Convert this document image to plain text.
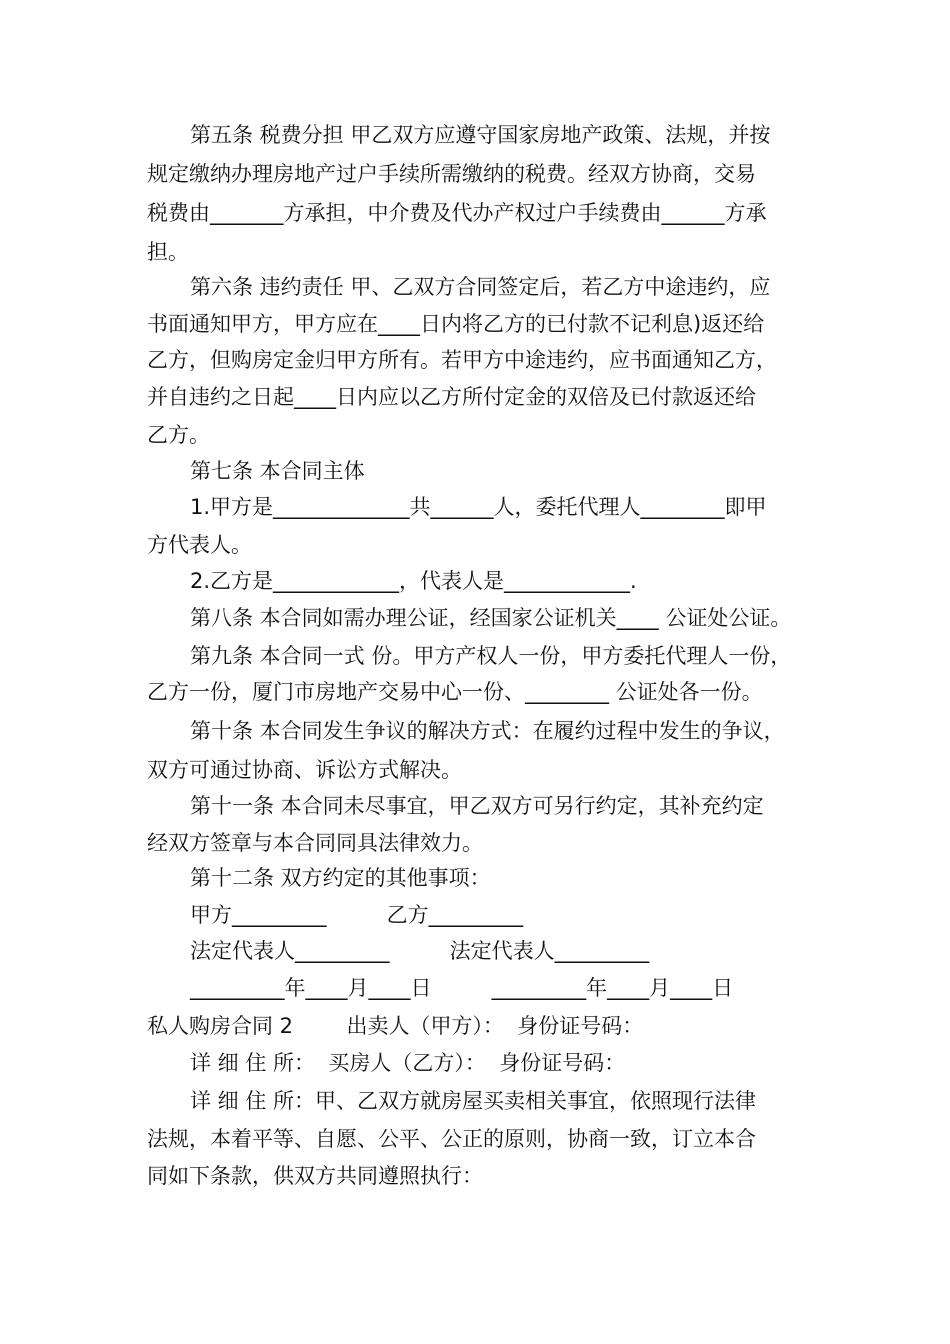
第五条 税费分担 甲乙双方应遵守国家房地产政策、法规，并按

规定缴纳办理房地产过户手续所需缴纳的税费。经双方协商，交易

税费由_______方承担，中介费及代办产权过户手续费由______方承

担。

第六条 违约责任 甲、乙双方合同签定后，若乙方中途违约，应

书面通知甲方，甲方应在____日内将乙方的已付款不记利息)返还给

乙方，但购房定金归甲方所有。若甲方中途违约，应书面通知乙方，

并自违约之日起____日内应以乙方所付定金的双倍及已付款返还给

乙方。

第七条 本合同主体

1.甲方是_____________共______人，委托代理人________即甲

方代表人。

2.乙方是____________，代表人是____________.

第八条 本合同如需办理公证，经国家公证机关____ 公证处公证。

第九条 本合同一式 份。甲方产权人一份，甲方委托代理人一份，

乙方一份，厦门市房地产交易中心一份、________ 公证处各一份。

第十条 本合同发生争议的解决方式：在履约过程中发生的争议，

双方可通过协商、诉讼方式解决。

第十一条 本合同未尽事宜，甲乙双方可另行约定，其补充约定

经双方签章与本合同同具法律效力。

第十二条 双方约定的其他事项：

甲方_________         乙方_________

法定代表人_________         法定代表人_________

_________年____月____日         _________年____月____日

私人购房合同 2        出卖人（甲方）：  身份证号码：

详 细 住 所：  买房人（乙方）：  身份证号码：

详 细 住 所：甲、乙双方就房屋买卖相关事宜，依照现行法律

法规，本着平等、自愿、公平、公正的原则，协商一致，订立本合

同如下条款，供双方共同遵照执行：
